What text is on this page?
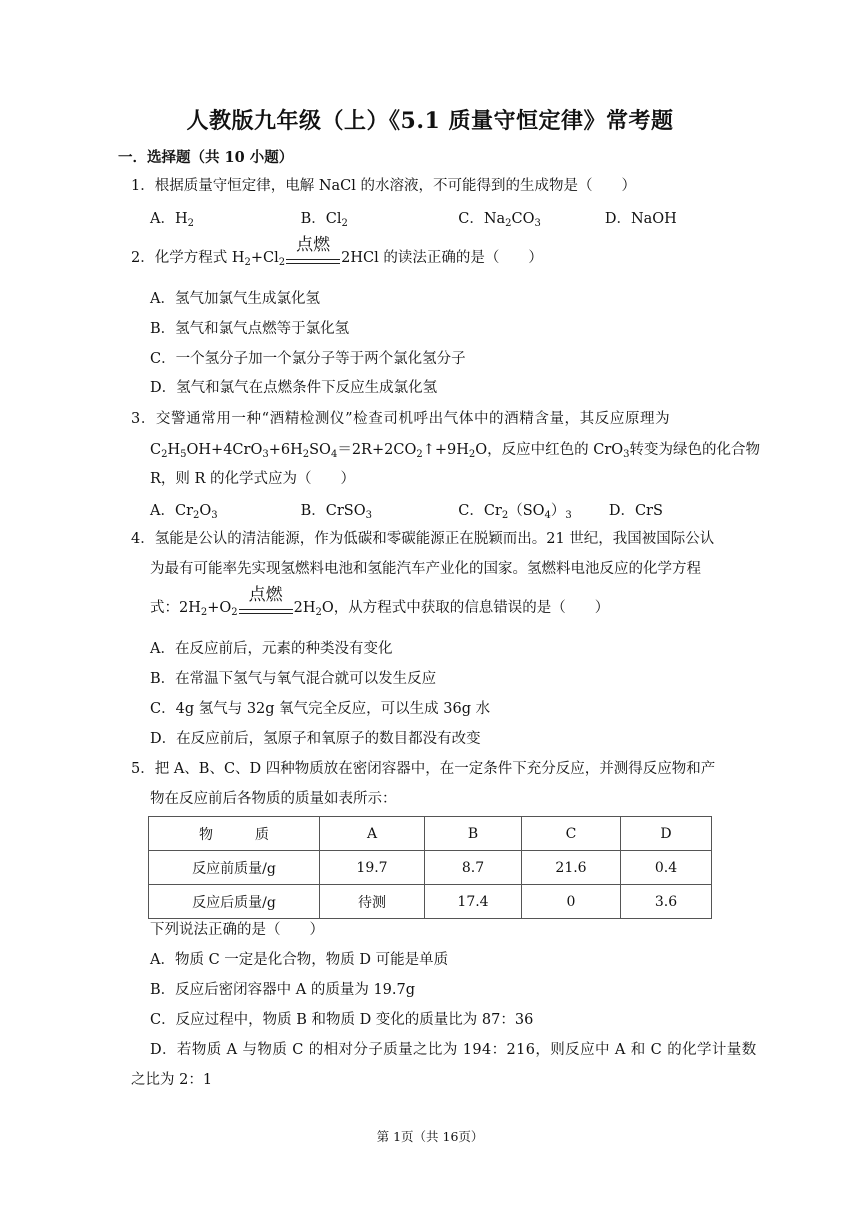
人教版九年级（上）《5.1 质量守恒定律》常考题
一．选择题（共 10 小题）
1．根据质量守恒定律，电解 NaCl 的水溶液，不可能得到的生成物是（　　）
A．$H_2$	B．$Cl_2$	C．$Na_2CO_3$	D．NaOH
2．化学方程式 $H_2+Cl_2$
点燃
2HCl 的读法正确的是（　　）
A．氢气加氯气生成氯化氢
B．氢气和氯气点燃等于氯化氢
C．一个氢分子加一个氯分子等于两个氯化氢分子
D．氢气和氯气在点燃条件下反应生成氯化氢
3．交警通常用一种“酒精检测仪”检查司机呼出气体中的酒精含量，其反应原理为
$C_2H_5OH+4CrO_3+6H_2SO_4=2R+2CO_2↑+9H_2O$，反应中红色的 CrO$_3$转变为绿色的化合物
R，则 R 的化学式应为（　　）
A．$Cr_2O_3$	B．CrSO$_3$	C．$Cr_2(SO_4)_3$	D．CrS
4．氢能是公认的清洁能源，作为低碳和零碳能源正在脱颖而出。21 世纪，我国被国际公认
为最有可能率先实现氢燃料电池和氢能汽车产业化的国家。氢燃料电池反应的化学方程
式：$2H_2+O_2$
点燃
$2H_2O$，从方程式中获取的信息错误的是（　　）
A．在反应前后，元素的种类没有变化
B．在常温下氢气与氧气混合就可以发生反应
C．4g 氢气与 32g 氧气完全反应，可以生成 36g 水
D．在反应前后，氢原子和氧原子的数目都没有改变
5．把 A、B、C、D 四种物质放在密闭容器中，在一定条件下充分反应，并测得反应物和产
物在反应前后各物质的质量如表所示：
物　　　质	A	B	C	D
反应前质量/g	19.7	8.7	21.6	0.4
反应后质量/g	待测	17.4	0	3.6
下列说法正确的是（　　）
A．物质 C 一定是化合物，物质 D 可能是单质
B．反应后密闭容器中 A 的质量为 19.7g
C．反应过程中，物质 B 和物质 D 变化的质量比为 87：36
D．若物质 A 与物质 C 的相对分子质量之比为 194：216，则反应中 A 和 C 的化学计量数
之比为 2：1
第 1页（共 16页）
